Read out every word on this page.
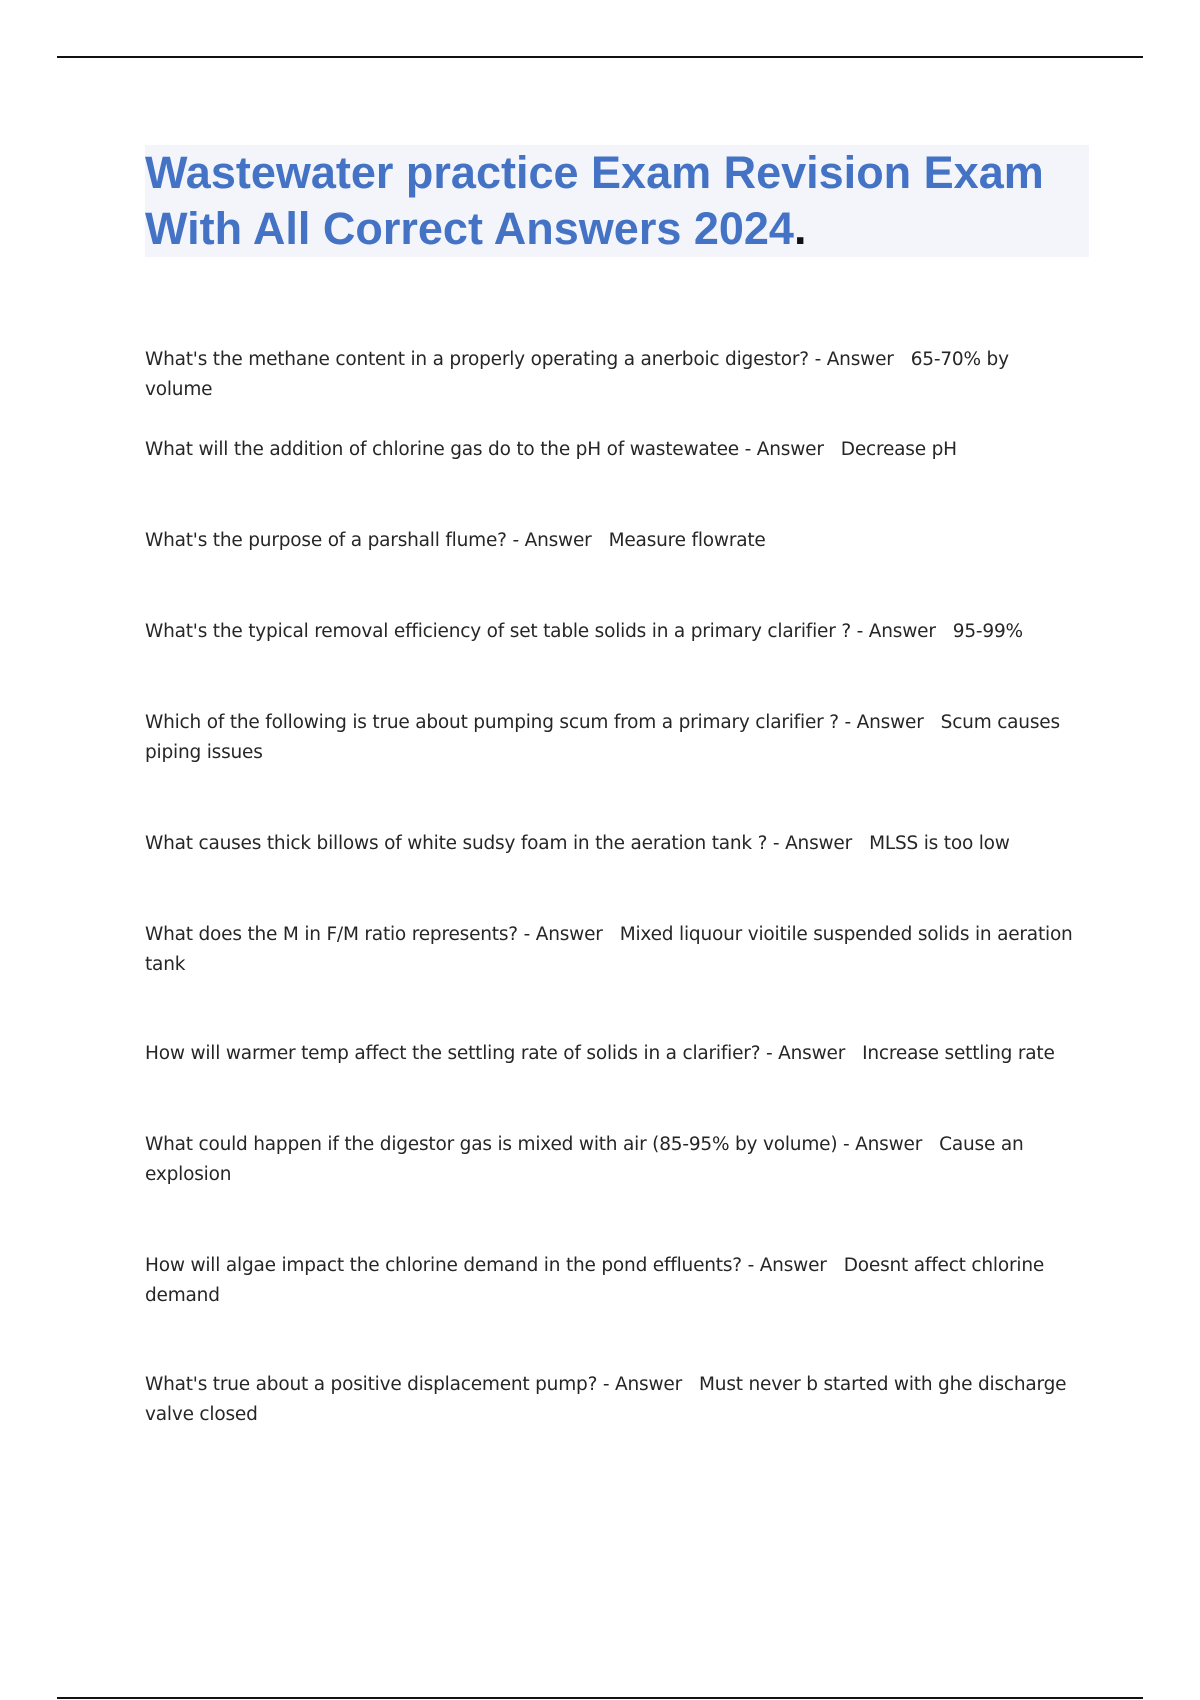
Wastewater practice Exam Revision Exam With All Correct Answers 2024.
What's the methane content in a properly operating a anerboic digestor? - Answer   65-70% by volume
What will the addition of chlorine gas do to the pH of wastewatee - Answer   Decrease pH
What's the purpose of a parshall flume? - Answer   Measure flowrate
What's the typical removal efficiency of set table solids in a primary clarifier ? - Answer   95-99%
Which of the following is true about pumping scum from a primary clarifier ? - Answer   Scum causes piping issues
What causes thick billows of white sudsy foam in the aeration tank ? - Answer   MLSS is too low
What does the M in F/M ratio represents? - Answer   Mixed liquour vioitile suspended solids in aeration tank
How will warmer temp affect the settling rate of solids in a clarifier? - Answer   Increase settling rate
What could happen if the digestor gas is mixed with air (85-95% by volume) - Answer   Cause an explosion
How will algae impact the chlorine demand in the pond effluents? - Answer   Doesnt affect chlorine demand
What's true about a positive displacement pump? - Answer   Must never b started with ghe discharge valve closed
